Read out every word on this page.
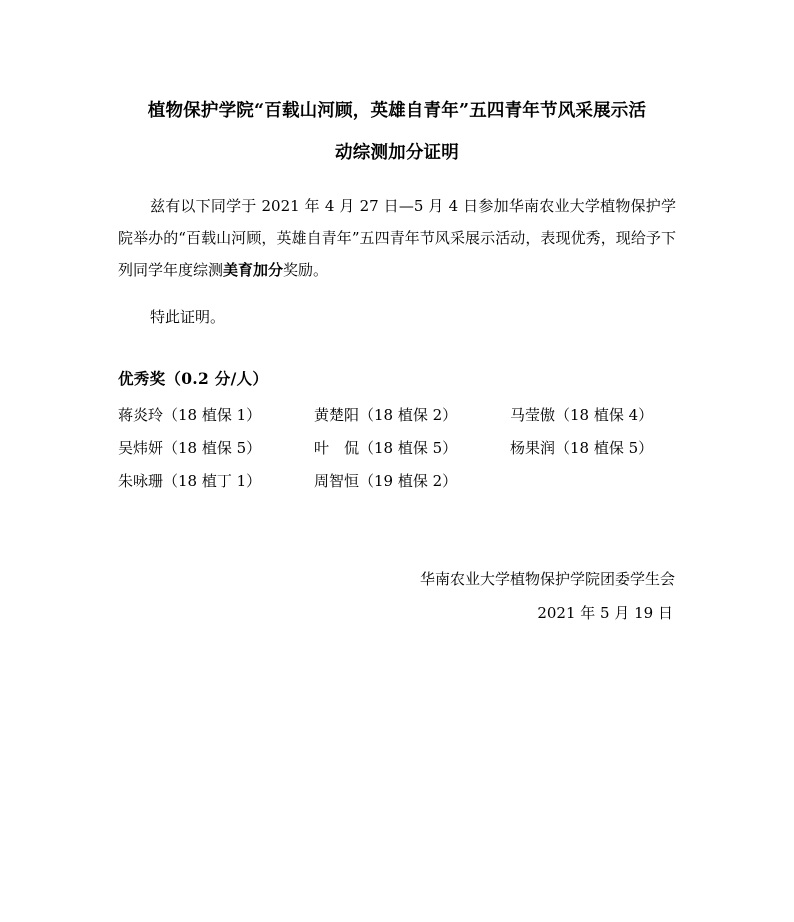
植物保护学院“百载山河顾，英雄自青年”五四青年节风采展示活
动综测加分证明

兹有以下同学于 2021 年 4 月 27 日—5 月 4 日参加华南农业大学植物保护学院举办的“百载山河顾，英雄自青年”五四青年节风采展示活动，表现优秀，现给予下列同学年度综测美育加分奖励。

特此证明。

优秀奖（0.2 分/人）
蒋炎玲（18 植保 1）	黄楚阳（18 植保 2）	马莹傲（18 植保 4）
吴炜妍（18 植保 5）	叶　侃（18 植保 5）	杨果润（18 植保 5）
朱咏珊（18 植丁 1）	周智恒（19 植保 2）
华南农业大学植物保护学院团委学生会
2021 年 5 月 19 日
